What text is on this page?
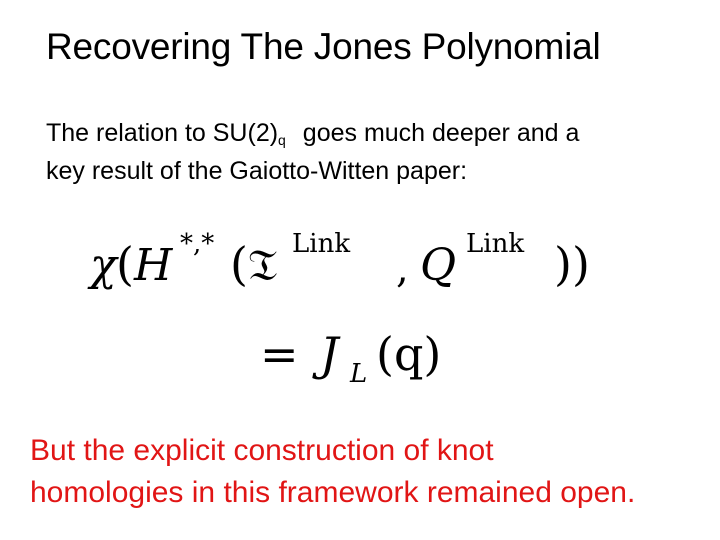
Recovering The Jones Polynomial
The relation to $SU(2)_q$ goes much deeper and a
key result of the Gaiotto-Witten paper:
χ ( H *,* ( 𝔗 Link
, Q Link ))
= J L (q)
But the explicit construction of knot
homologies in this framework remained open.
